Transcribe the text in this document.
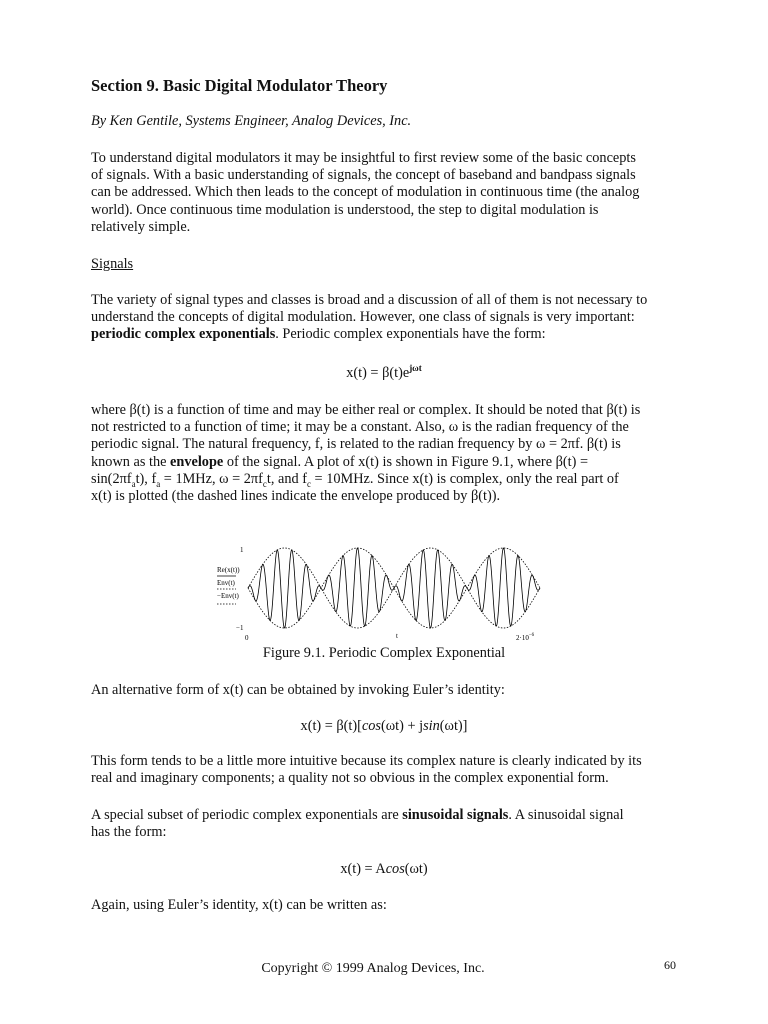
Section 9. Basic Digital Modulator Theory
By Ken Gentile, Systems Engineer, Analog Devices, Inc.
To understand digital modulators it may be insightful to first review some of the basic concepts
of signals. With a basic understanding of signals, the concept of baseband and bandpass signals
can be addressed. Which then leads to the concept of modulation in continuous time (the analog
world). Once continuous time modulation is understood, the step to digital modulation is
relatively simple.
Signals
The variety of signal types and classes is broad and a discussion of all of them is not necessary to
understand the concepts of digital modulation. However, one class of signals is very important:
periodic complex exponentials. Periodic complex exponentials have the form:
$x(t) = \beta(t)e^{j\omega t}$
where β(t) is a function of time and may be either real or complex. It should be noted that β(t) is
not restricted to a function of time; it may be a constant. Also, ω is the radian frequency of the
periodic signal. The natural frequency, f, is related to the radian frequency by ω = 2πf. β(t) is
known as the envelope of the signal. A plot of x(t) is shown in Figure 9.1, where β(t) =
$\sin(2\pi f_at)$, $f_a = 1MHz$, $\omega = 2\pi f_ct$, and $f_c = 10MHz$. Since x(t) is complex, only the real part of
x(t) is plotted (the dashed lines indicate the envelope produced by β(t)).
1
−1
0	t	$2\cdot 10^{-6}$
Re(x(t))
Env(t)
−Env(t)
Figure 9.1. Periodic Complex Exponential
An alternative form of x(t) can be obtained by invoking Euler’s identity:
x(t) = β(t)[cos(ωt) + jsin(ωt)]
This form tends to be a little more intuitive because its complex nature is clearly indicated by its
real and imaginary components; a quality not so obvious in the complex exponential form.
A special subset of periodic complex exponentials are sinusoidal signals. A sinusoidal signal
has the form:
x(t) = Acos(ωt)
Again, using Euler’s identity, x(t) can be written as:
Copyright © 1999 Analog Devices, Inc.	60
